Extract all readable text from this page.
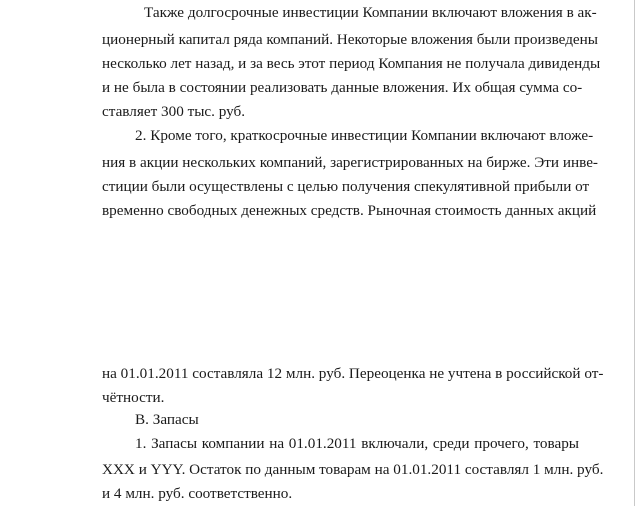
Также долгосрочные инвестиции Компании включают вложения в ак-
ционерный капитал ряда компаний. Некоторые вложения были произведены
несколько лет назад, и за весь этот период Компания не получала дивиденды
и не была в состоянии реализовать данные вложения. Их общая сумма со-
ставляет 300 тыс. руб.
2. Кроме того, краткосрочные инвестиции Компании включают вложе-
ния в акции нескольких компаний, зарегистрированных на бирже. Эти инве-
стиции были осуществлены с целью получения спекулятивной прибыли от
временно свободных денежных средств. Рыночная стоимость данных акций
на 01.01.2011 составляла 12 млн. руб. Переоценка не учтена в российской от-
чётности.
В. Запасы
1. Запасы компании на 01.01.2011 включали, среди прочего, товары
XXX и YYY. Остаток по данным товарам на 01.01.2011 составлял 1 млн. руб.
и 4 млн. руб. соответственно.
